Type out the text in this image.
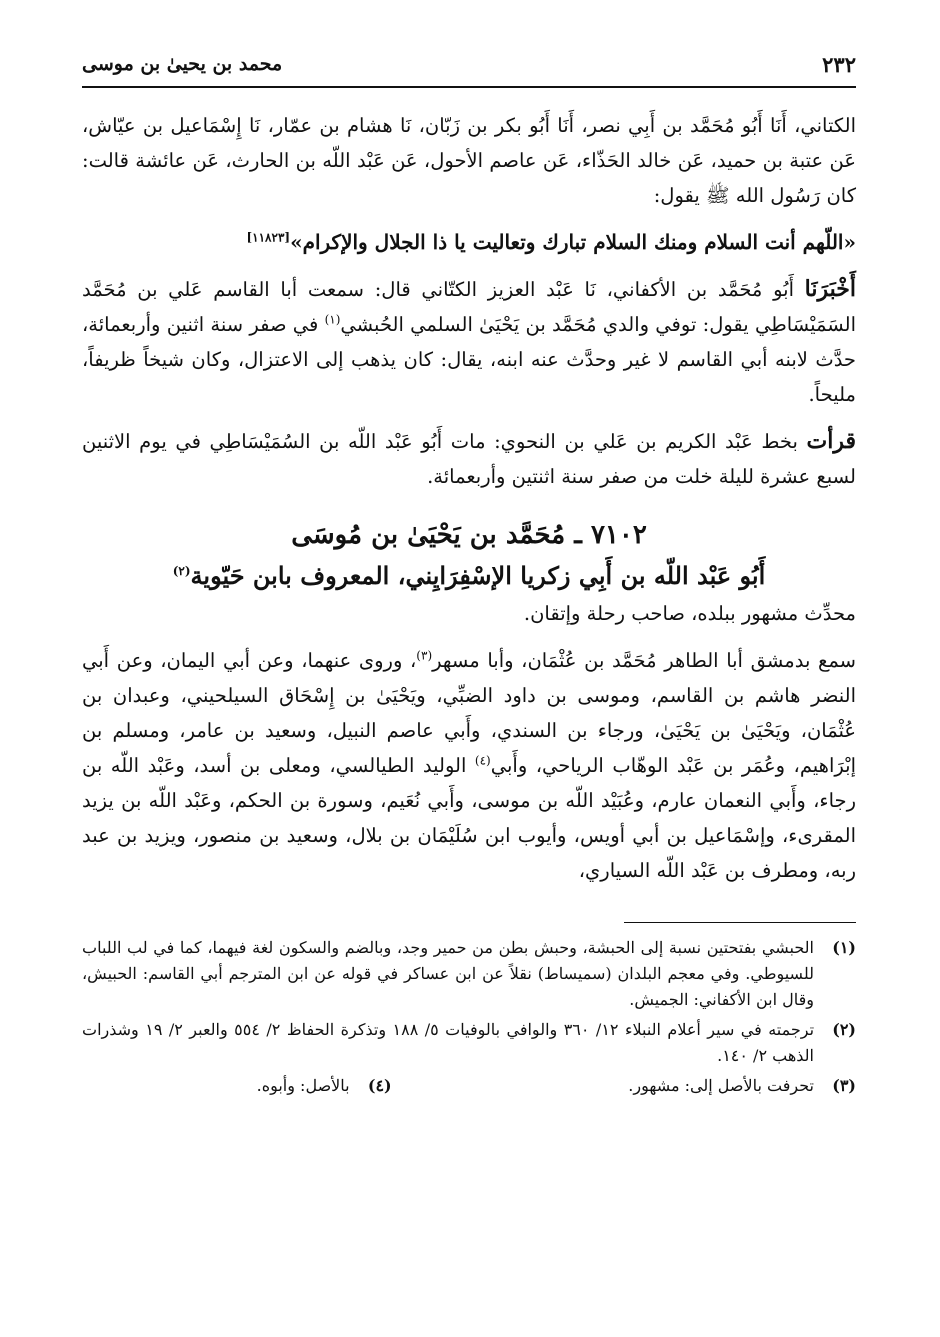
٢٣٢
محمد بن يحيىٰ بن موسى

الكتاني، أَنَا أَبُو مُحَمَّد بن أَبِي نصر، أَنَا أَبُو بكر بن زَبّان، نَا هشام بن عمّار، نَا إِسْمَاعيل بن عيّاش، عَن عتبة بن حميد، عَن خالد الحَذّاء، عَن عاصم الأحول، عَن عَبْد اللّه بن الحارث، عَن عائشة قالت: كان رَسُول الله ﷺ يقول:

«اللّهم أنت السلام ومنك السلام تبارك وتعاليت يا ذا الجلال والإكرام»[١١٨٢٣]

أَخْبَرَنَا أَبُو مُحَمَّد بن الأكفاني، نَا عَبْد العزيز الكتّاني قال: سمعت أبا القاسم عَلي بن مُحَمَّد السَمَيْسَاطِي يقول: توفي والدي مُحَمَّد بن يَحْيَىٰ السلمي الحُبشي$^{(١)}$ في صفر سنة اثنين وأربعمائة، حدَّث لابنه أبي القاسم لا غير وحدَّث عنه ابنه، يقال: كان يذهب إلى الاعتزال، وكان شيخاً ظريفاً، مليحاً.

قرأت بخط عَبْد الكريم بن عَلي بن النحوي: مات أَبُو عَبْد اللّه بن السُمَيْسَاطِي في يوم الاثنين لسبع عشرة لليلة خلت من صفر سنة اثنتين وأربعمائة.

٧١٠٢ ـ مُحَمَّد بن يَحْيَىٰ بن مُوسَى
أَبُو عَبْد اللّه بن أَبِي زكريا الإسْفِرَايِني، المعروف بابن حَيّوية$^{(٢)}$

محدِّث مشهور ببلده، صاحب رحلة وإتقان.

سمع بدمشق أبا الطاهر مُحَمَّد بن عُثْمَان، وأبا مسهر$^{(٣)}$، وروى عنهما، وعن أبي اليمان، وعن أَبي النضر هاشم بن القاسم، وموسى بن داود الضبِّي، ويَحْيَىٰ بن إِسْحَاق السيلحيني، وعبدان بن عُثْمَان، ويَحْيَىٰ بن يَحْيَىٰ، ورجاء بن السندي، وأَبي عاصم النبيل، وسعيد بن عامر، ومسلم بن إبْرَاهيم، وعُمَر بن عَبْد الوهّاب الرياحي، وأَبي$^{(٤)}$ الوليد الطيالسي، ومعلى بن أسد، وعَبْد اللّه بن رجاء، وأَبي النعمان عارم، وعُبَيْد اللّه بن موسى، وأَبي نُعَيم، وسورة بن الحكم، وعَبْد اللّه بن يزيد المقرىء، وإسْمَاعيل بن أبي أويس، وأيوب ابن سُلَيْمَان بن بلال، وسعيد بن منصور، ويزيد بن عبد ربه، ومطرف بن عَبْد اللّه السياري،

(١)
الحبشي بفتحتين نسبة إلى الحبشة، وحبش بطن من حمير وجد، وبالضم والسكون لغة فيهما، كما في لب اللباب للسيوطي. وفي معجم البلدان (سميساط) نقلاً عن ابن عساكر في قوله عن ابن المترجم أبي القاسم: الحبيش، وقال ابن الأكفاني: الجميش.
(٢)
ترجمته في سير أعلام النبلاء ١٢/ ٣٦٠ والوافي بالوفيات ٥/ ١٨٨ وتذكرة الحفاظ ٢/ ٥٥٤ والعبر ٢/ ١٩ وشذرات الذهب ٢/ ١٤٠.
(٣)
تحرفت بالأصل إلى: مشهور.
(٤)
بالأصل: وأبوه.
